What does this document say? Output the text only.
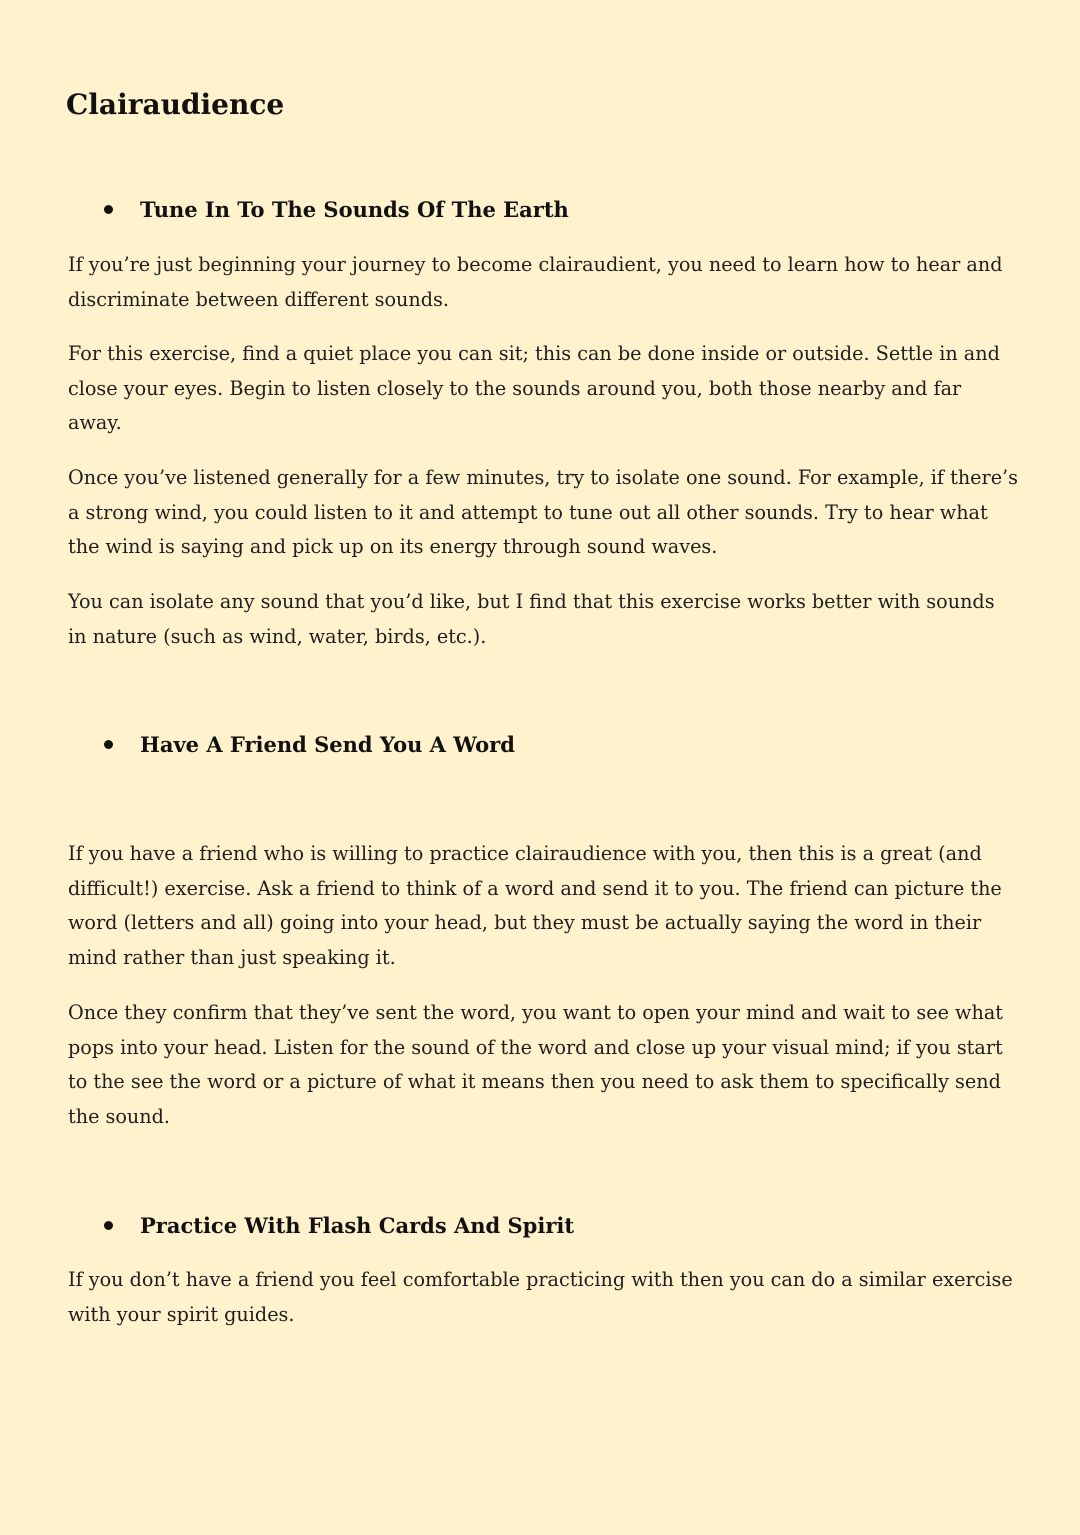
Clairaudience
Tune In To The Sounds Of The Earth

If you’re just beginning your journey to become clairaudient, you need to learn how to hear and discriminate between different sounds.

For this exercise, find a quiet place you can sit; this can be done inside or outside. Settle in and close your eyes. Begin to listen closely to the sounds around you, both those nearby and far away.

Once you’ve listened generally for a few minutes, try to isolate one sound. For example, if there’s a strong wind, you could listen to it and attempt to tune out all other sounds. Try to hear what the wind is saying and pick up on its energy through sound waves.

You can isolate any sound that you’d like, but I find that this exercise works better with sounds in nature (such as wind, water, birds, etc.).

Have A Friend Send You A Word

If you have a friend who is willing to practice clairaudience with you, then this is a great (and difficult!) exercise. Ask a friend to think of a word and send it to you. The friend can picture the word (letters and all) going into your head, but they must be actually saying the word in their mind rather than just speaking it.

Once they confirm that they’ve sent the word, you want to open your mind and wait to see what pops into your head. Listen for the sound of the word and close up your visual mind; if you start to the see the word or a picture of what it means then you need to ask them to specifically send the sound.

Practice With Flash Cards And Spirit

If you don’t have a friend you feel comfortable practicing with then you can do a similar exercise with your spirit guides.
